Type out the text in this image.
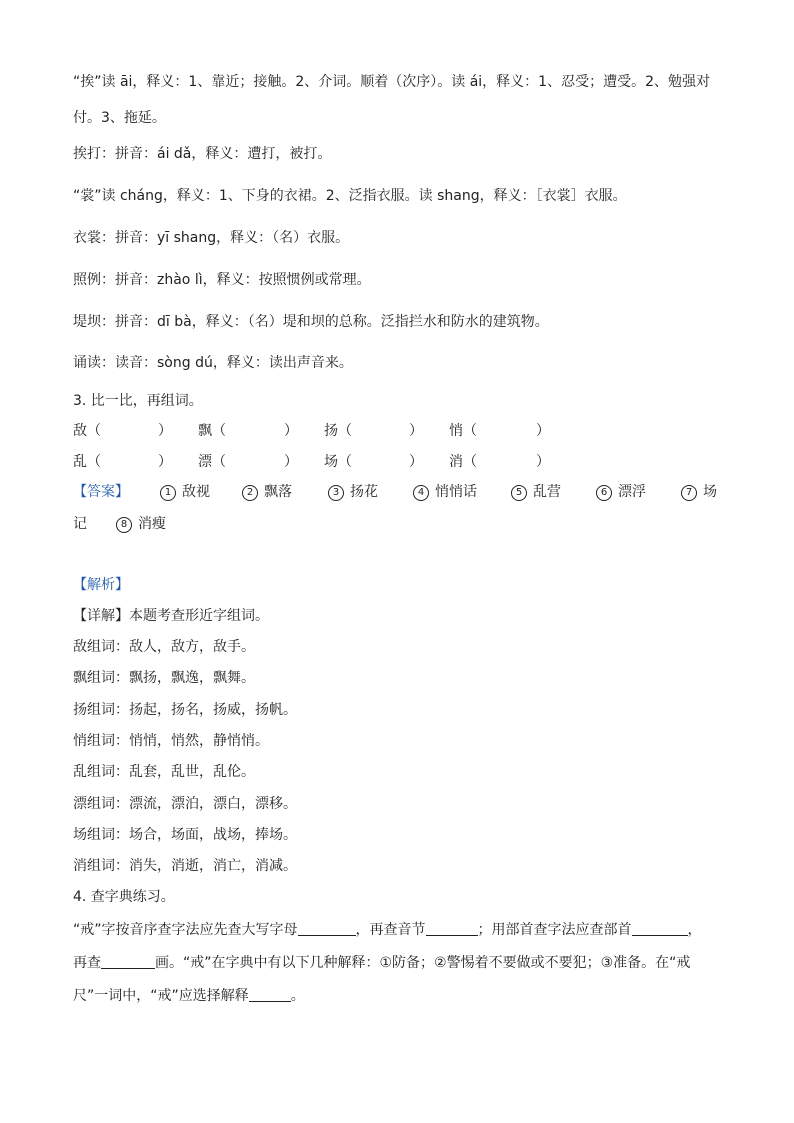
“挨”读 āi，释义：1、靠近；接触。2、介词。顺着（次序）。读 ái，释义：1、忍受；遭受。2、勉强对
付。3、拖延。
挨打：拼音：ái dǎ，释义：遭打，被打。
“裳”读 cháng，释义：1、下身的衣裙。2、泛指衣服。读 shang，释义：［衣裳］衣服。
衣裳：拼音：yī shang，释义：（名）衣服。
照例：拼音：zhào lì，释义：按照惯例或常理。
堤坝：拼音：dī bà，释义：（名）堤和坝的总称。泛指拦水和防水的建筑物。
诵读：读音：sòng dú，释义：读出声音来。
3. 比一比，再组词。
敌（	） 飘（	） 扬（	） 悄（	）
乱（	） 漂（	） 场（	） 消（	）
【答案】	1 敌视	2 飘落	3 扬花	4 悄悄话	5 乱营	6 漂浮	7 场
记	8 消瘦
【解析】
【详解】本题考查形近字组词。
敌组词：敌人，敌方，敌手。
飘组词：飘扬，飘逸，飘舞。
扬组词：扬起，扬名，扬威，扬帆。
悄组词：悄悄，悄然，静悄悄。
乱组词：乱套，乱世，乱伦。
漂组词：漂流，漂泊，漂白，漂移。
场组词：场合，场面，战场，捧场。
消组词：消失，消逝，消亡，消减。
4. 查字典练习。
“戒”字按音序查字法应先查大写字母	，再查音节	；用部首查字法应查部首	，
再查	画。“戒”在字典中有以下几种解释：①防备；②警惕着不要做或不要犯；③准备。在“戒
尺”一词中，“戒”应选择解释	。
